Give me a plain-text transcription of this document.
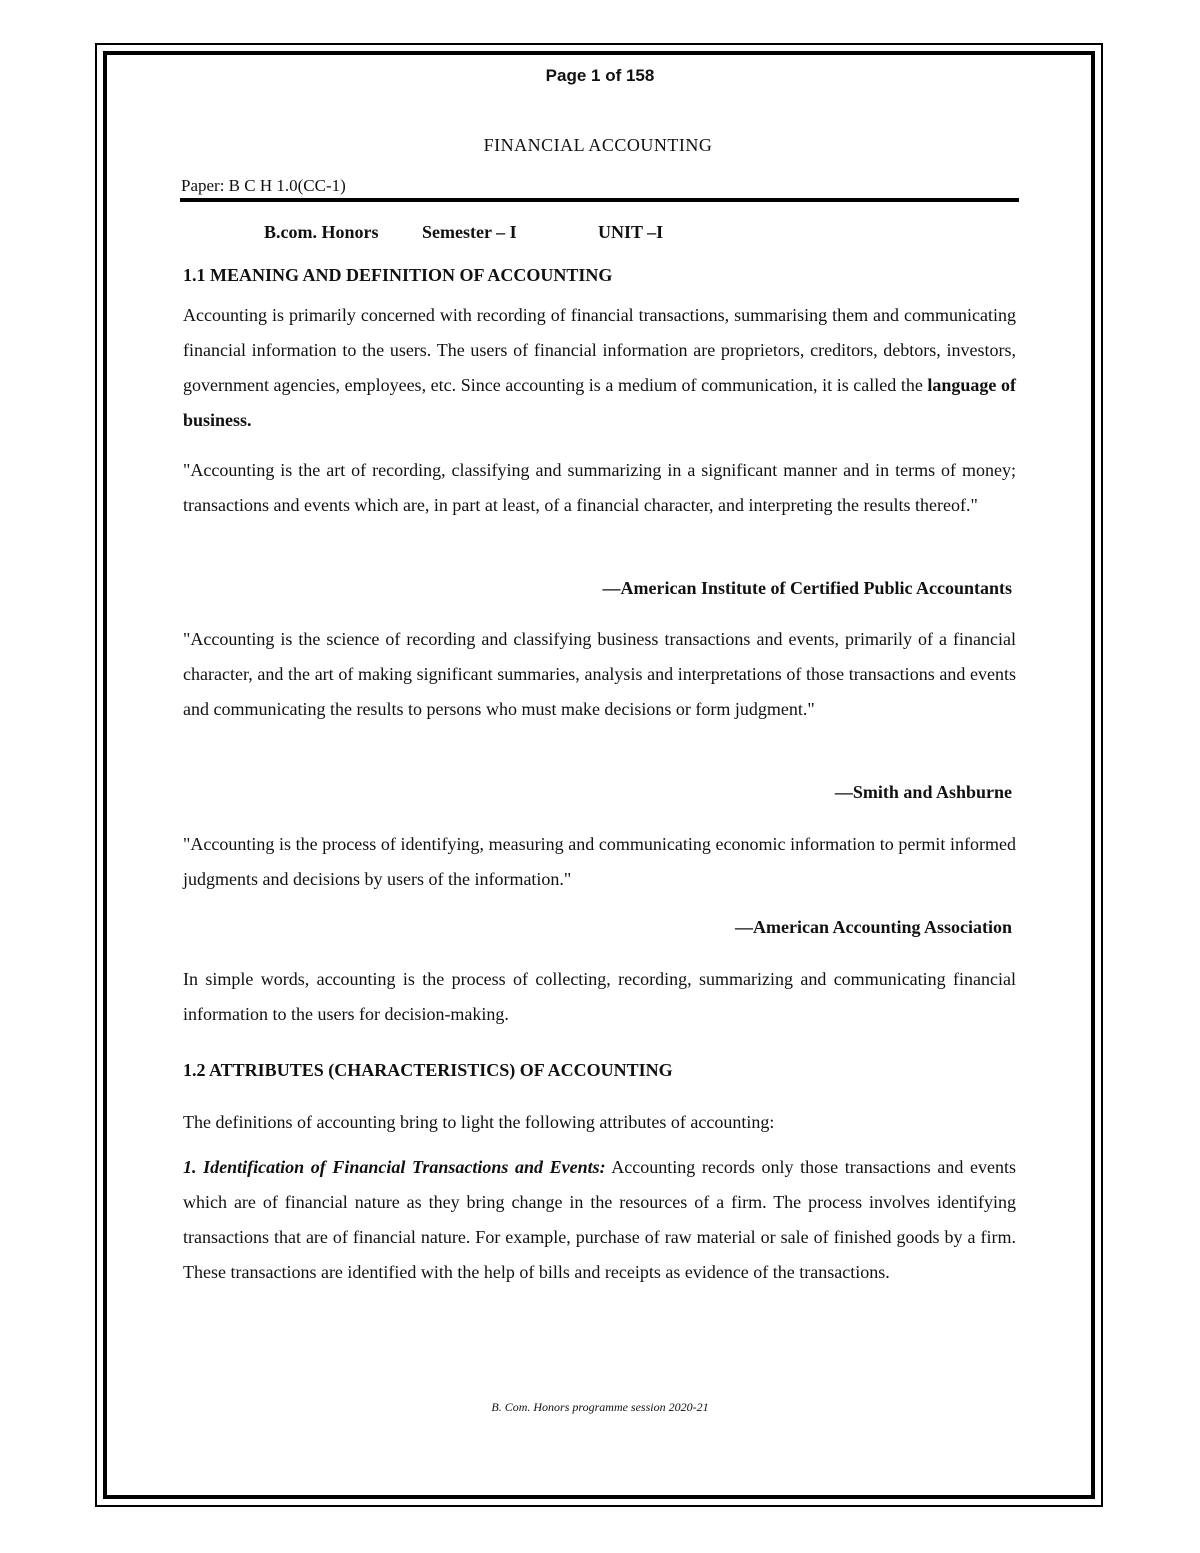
Page 1 of 158
FINANCIAL ACCOUNTING
Paper: B C H 1.0(CC-1)
B.com. Honors Semester – I	UNIT –I
1.1 MEANING AND DEFINITION OF ACCOUNTING
Accounting is primarily concerned with recording of financial transactions, summarising them and communicating financial information to the users. The users of financial information are proprietors, creditors, debtors, investors, government agencies, employees, etc. Since accounting is a medium of communication, it is called the language of business.
"Accounting is the art of recording, classifying and summarizing in a significant manner and in terms of money; transactions and events which are, in part at least, of a financial character, and interpreting the results thereof."
—American Institute of Certified Public Accountants
"Accounting is the science of recording and classifying business transactions and events, primarily of a financial character, and the art of making significant summaries, analysis and interpretations of those transactions and events and communicating the results to persons who must make decisions or form judgment."
—Smith and Ashburne
"Accounting is the process of identifying, measuring and communicating economic information to permit informed judgments and decisions by users of the information."
—American Accounting Association
In simple words, accounting is the process of collecting, recording, summarizing and communicating financial information to the users for decision-making.
1.2 ATTRIBUTES (CHARACTERISTICS) OF ACCOUNTING
The definitions of accounting bring to light the following attributes of accounting:
1. Identification of Financial Transactions and Events: Accounting records only those transactions and events which are of financial nature as they bring change in the resources of a firm. The process involves identifying transactions that are of financial nature. For example, purchase of raw material or sale of finished goods by a firm. These transactions are identified with the help of bills and receipts as evidence of the transactions.
B. Com. Honors programme session 2020-21
